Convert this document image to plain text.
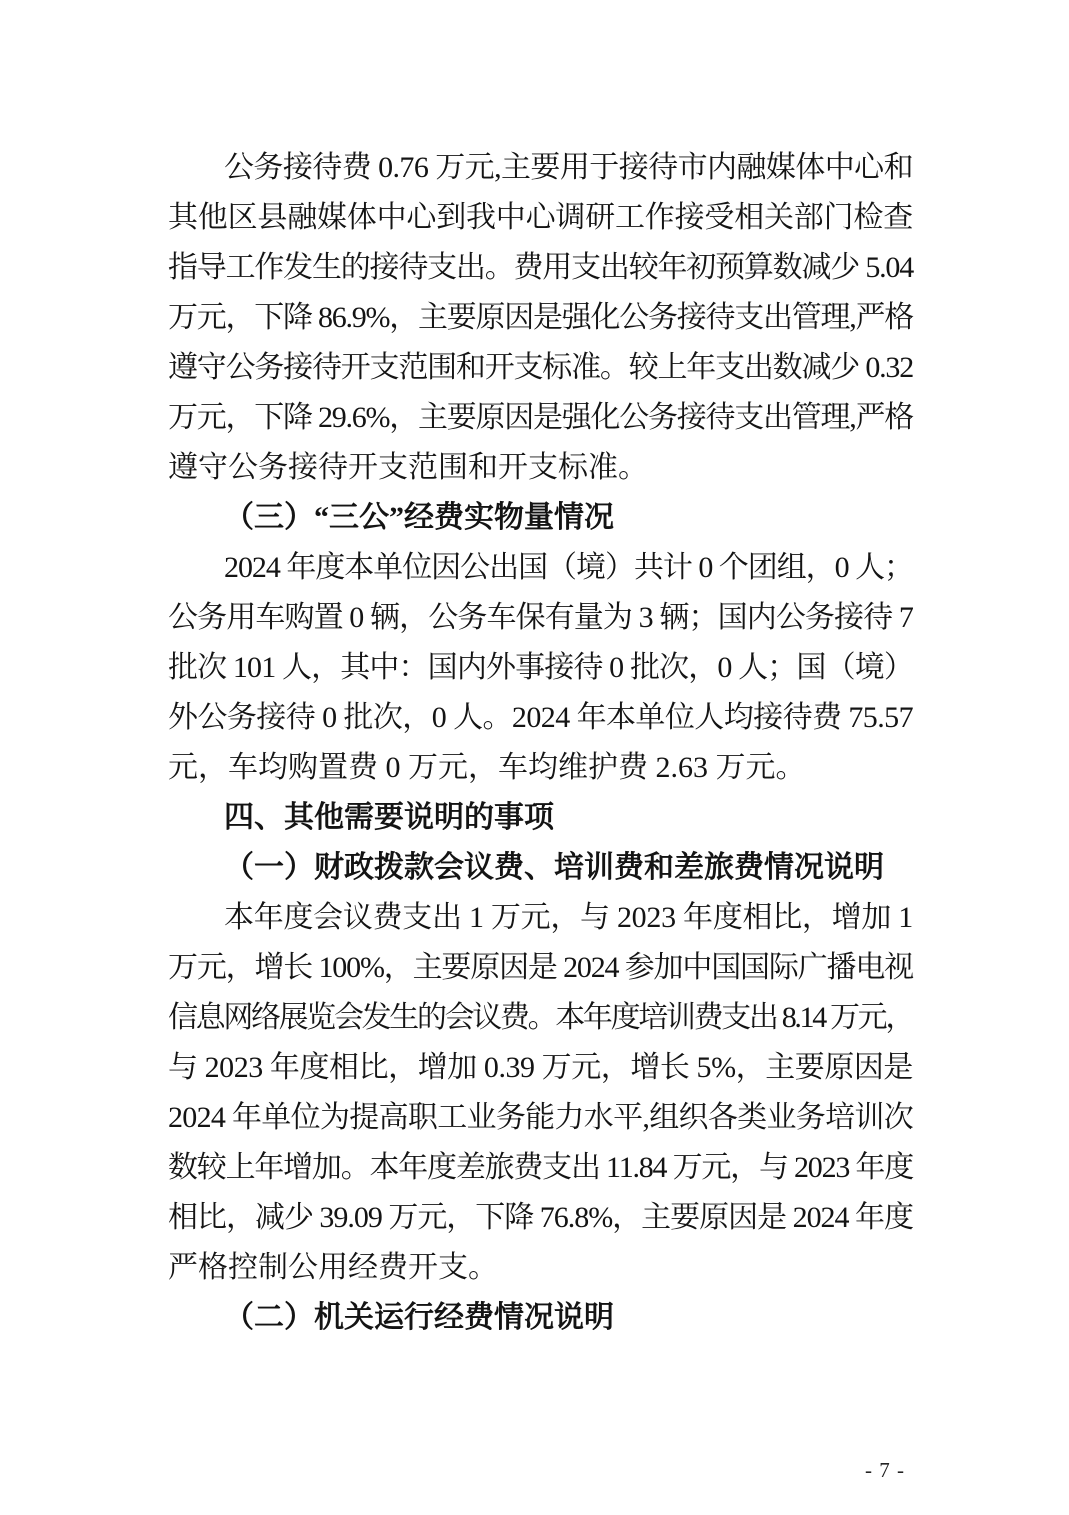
公务接待费 0.76 万元,主要用于接待市内融媒体中心和
其他区县融媒体中心到我中心调研工作接受相关部门检查
指导工作发生的接待支出。费用支出较年初预算数减少 5.04
万元，下降 86.9%，主要原因是强化公务接待支出管理,严格
遵守公务接待开支范围和开支标准。较上年支出数减少 0.32
万元，下降 29.6%，主要原因是强化公务接待支出管理,严格
遵守公务接待开支范围和开支标准。
（三）“三公”经费实物量情况
2024 年度本单位因公出国（境）共计 0 个团组，0 人；
公务用车购置 0 辆，公务车保有量为 3 辆；国内公务接待 7
批次 101 人，其中：国内外事接待 0 批次，0 人；国（境）
外公务接待 0 批次，0 人。2024 年本单位人均接待费 75.57
元，车均购置费 0 万元，车均维护费 2.63 万元。
四、其他需要说明的事项
（一）财政拨款会议费、培训费和差旅费情况说明
本年度会议费支出 1 万元，与 2023 年度相比，增加 1
万元，增长 100%，主要原因是 2024 参加中国国际广播电视
信息网络展览会发生的会议费。本年度培训费支出 8.14 万元，
与 2023 年度相比，增加 0.39 万元，增长 5%，主要原因是
2024 年单位为提高职工业务能力水平,组织各类业务培训次
数较上年增加。本年度差旅费支出 11.84 万元，与 2023 年度
相比，减少 39.09 万元，下降 76.8%，主要原因是 2024 年度
严格控制公用经费开支。
（二）机关运行经费情况说明
- 7 -
